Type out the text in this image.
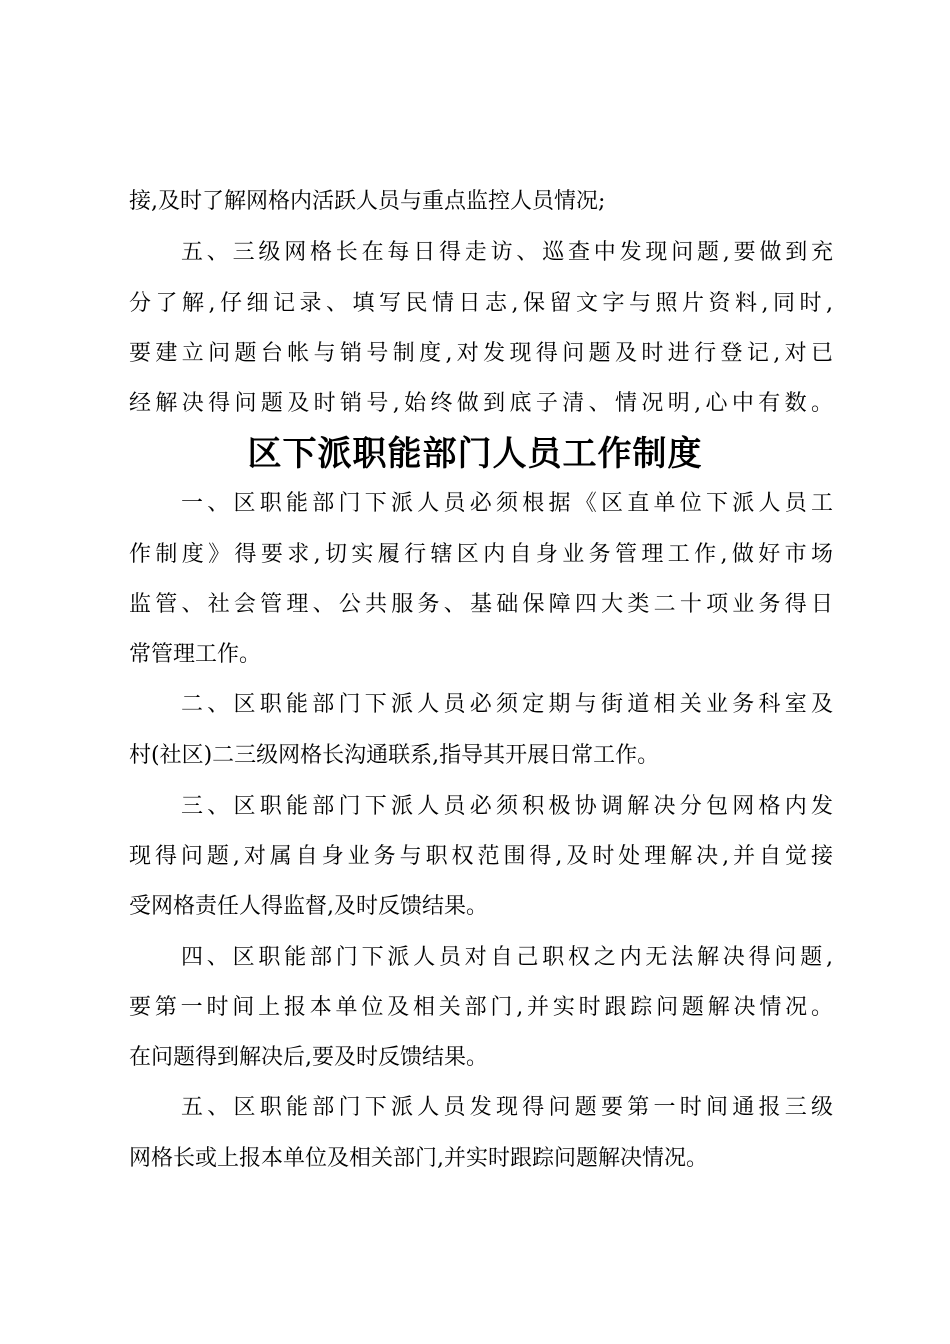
接,及时了解网格内活跃人员与重点监控人员情况;
五、三级网格长在每日得走访、巡查中发现问题,要做到充
分了解,仔细记录、填写民情日志,保留文字与照片资料,同时,
要建立问题台帐与销号制度,对发现得问题及时进行登记,对已
经解决得问题及时销号,始终做到底子清、情况明,心中有数。
区下派职能部门人员工作制度
一、区职能部门下派人员必须根据《区直单位下派人员工
作制度》得要求,切实履行辖区内自身业务管理工作,做好市场
监管、社会管理、公共服务、基础保障四大类二十项业务得日
常管理工作。
二、区职能部门下派人员必须定期与街道相关业务科室及
村(社区)二三级网格长沟通联系,指导其开展日常工作。
三、区职能部门下派人员必须积极协调解决分包网格内发
现得问题,对属自身业务与职权范围得,及时处理解决,并自觉接
受网格责任人得监督,及时反馈结果。
四、区职能部门下派人员对自己职权之内无法解决得问题,
要第一时间上报本单位及相关部门,并实时跟踪问题解决情况。
在问题得到解决后,要及时反馈结果。
五、区职能部门下派人员发现得问题要第一时间通报三级
网格长或上报本单位及相关部门,并实时跟踪问题解决情况。
